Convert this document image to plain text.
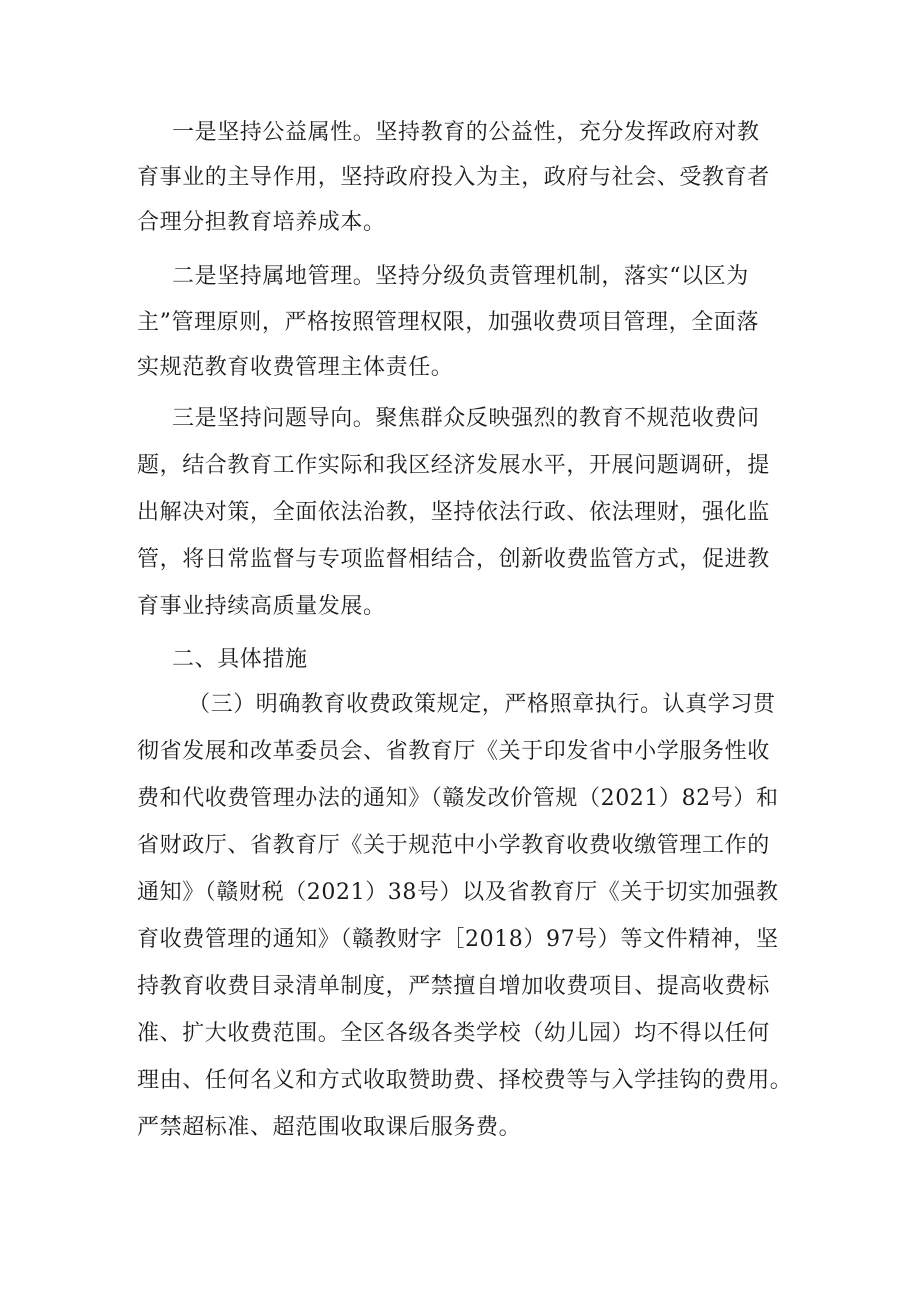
一是坚持公益属性。坚持教育的公益性，充分发挥政府对教
育事业的主导作用，坚持政府投入为主，政府与社会、受教育者
合理分担教育培养成本。
二是坚持属地管理。坚持分级负责管理机制，落实“以区为
主”管理原则，严格按照管理权限，加强收费项目管理，全面落
实规范教育收费管理主体责任。
三是坚持问题导向。聚焦群众反映强烈的教育不规范收费问
题，结合教育工作实际和我区经济发展水平，开展问题调研，提
出解决对策，全面依法治教，坚持依法行政、依法理财，强化监
管，将日常监督与专项监督相结合，创新收费监管方式，促进教
育事业持续高质量发展。
二、具体措施
（三）明确教育收费政策规定，严格照章执行。认真学习贯
彻省发展和改革委员会、省教育厅《关于印发省中小学服务性收
费和代收费管理办法的通知》（赣发改价管规（2021）82号）和
省财政厅、省教育厅《关于规范中小学教育收费收缴管理工作的
通知》（赣财税（2021）38号）以及省教育厅《关于切实加强教
育收费管理的通知》（赣教财字［2018）97号）等文件精神，坚
持教育收费目录清单制度，严禁擅自增加收费项目、提高收费标
准、扩大收费范围。全区各级各类学校（幼儿园）均不得以任何
理由、任何名义和方式收取赞助费、择校费等与入学挂钩的费用。
严禁超标准、超范围收取课后服务费。
